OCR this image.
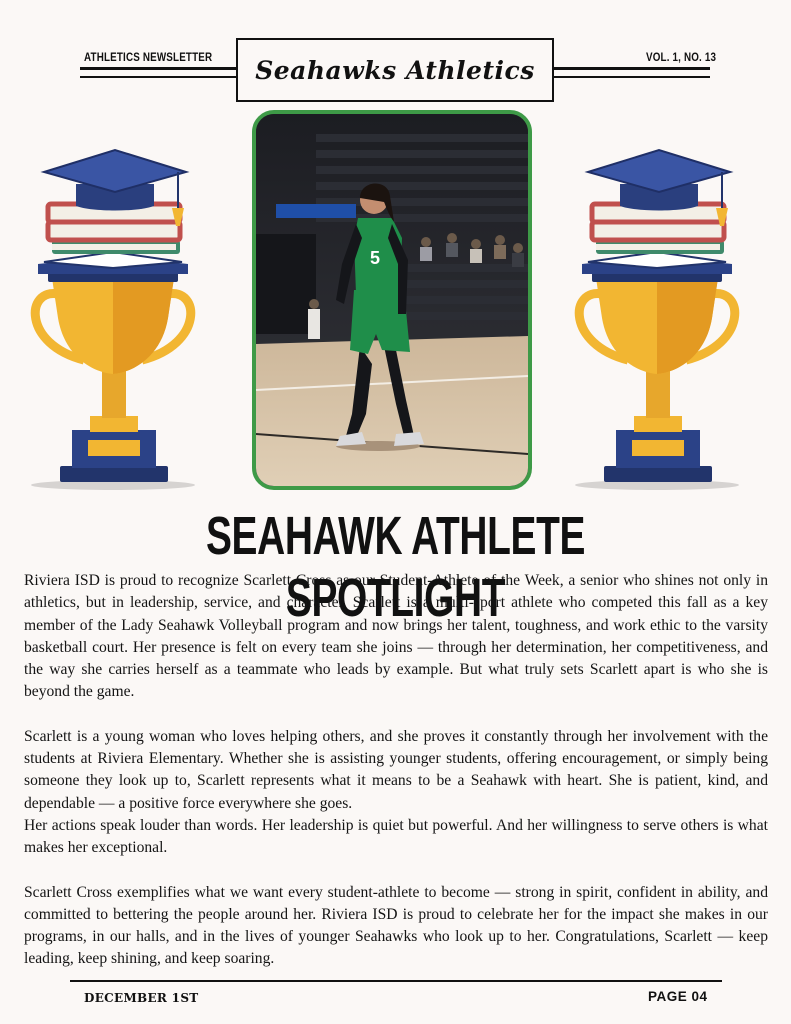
ATHLETICS NEWSLETTER	VOL. 1, NO. 13
Seahawks Athletics
5
SEAHAWK ATHLETE SPOTLIGHT

Riviera ISD is proud to recognize Scarlett Cross as our Student-Athlete of the Week, a senior who shines not only in athletics, but in leadership, service, and character. Scarlett is a multi-sport athlete who competed this fall as a key member of the Lady Seahawk Volleyball program and now brings her talent, toughness, and work ethic to the varsity basketball court. Her presence is felt on every team she joins — through her determination, her competitiveness, and the way she carries herself as a teammate who leads by example. But what truly sets Scarlett apart is who she is beyond the game.

Scarlett is a young woman who loves helping others, and she proves it constantly through her involvement with the students at Riviera Elementary. Whether she is assisting younger students, offering encouragement, or simply being someone they look up to, Scarlett represents what it means to be a Seahawk with heart. She is patient, kind, and dependable — a positive force everywhere she goes.

Her actions speak louder than words. Her leadership is quiet but powerful. And her willingness to serve others is what makes her exceptional.

Scarlett Cross exemplifies what we want every student-athlete to become — strong in spirit, confident in ability, and committed to bettering the people around her. Riviera ISD is proud to celebrate her for the impact she makes in our programs, in our halls, and in the lives of younger Seahawks who look up to her. Congratulations, Scarlett — keep leading, keep shining, and keep soaring.

DECEMBER 1ST	PAGE 04
